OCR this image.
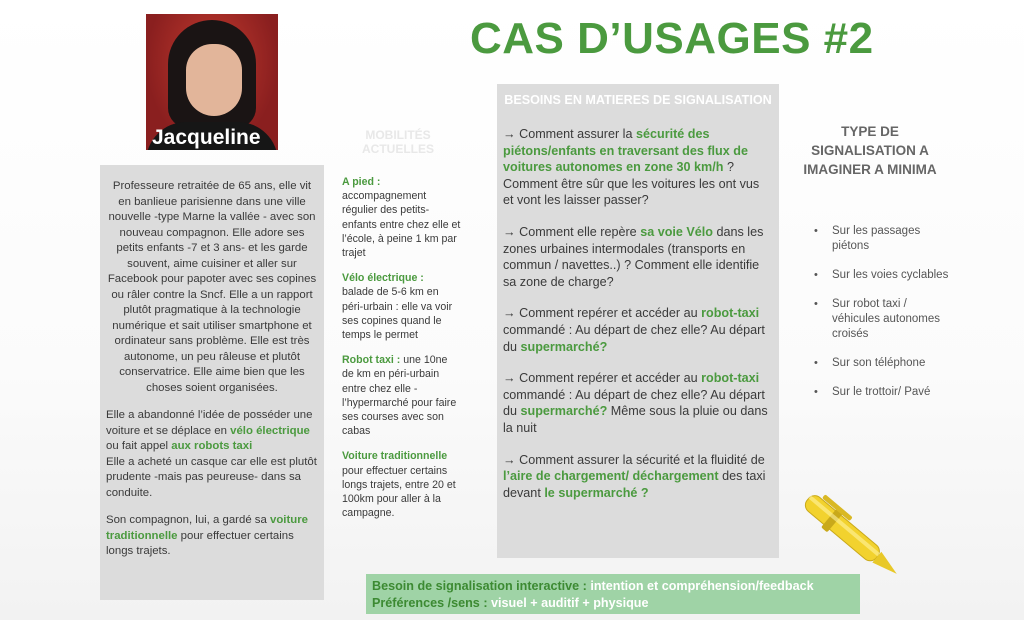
CAS D’USAGES #2
Jacqueline	MOBILITÉS ACTUELLES

Professeure retraitée de 65 ans, elle vit en banlieue parisienne dans une ville nouvelle -type Marne la vallée - avec son nouveau compagnon. Elle adore ses petits enfants -7 et 3 ans- et les garde souvent, aime cuisiner et aller sur Facebook pour papoter avec ses copines ou râler contre la Sncf. Elle a un rapport plutôt pragmatique à la technologie numérique et sait utiliser smartphone et ordinateur sans problème. Elle est très autonome, un peu râleuse et plutôt conservatrice. Elle aime bien que les choses soient organisées.

Elle a abandonné l’idée de posséder une voiture et se déplace en vélo électrique ou fait appel aux robots taxi
Elle a acheté un casque car elle est plutôt prudente -mais pas peureuse- dans sa conduite.

Son compagnon, lui, a gardé sa voiture traditionnelle pour effectuer certains longs trajets.

A pied :
accompagnement régulier des petits-enfants entre chez elle et l’école, à peine 1 km par trajet

Vélo électrique :
balade de 5-6 km en péri-urbain : elle va voir ses copines quand le temps le permet

Robot taxi : une 10ne de km en péri-urbain entre chez elle - l’hypermarché pour faire ses courses avec son cabas

Voiture traditionnelle
pour effectuer certains longs trajets, entre 20 et 100km pour aller à la campagne.

BESOINS EN MATIERES DE SIGNALISATION

→ Comment assurer la sécurité des piétons/enfants en traversant des flux de voitures autonomes en zone 30 km/h ? Comment être sûr que les voitures les ont vus et vont les laisser passer?

→ Comment elle repère sa voie Vélo dans les zones urbaines intermodales (transports en commun / navettes..) ? Comment elle identifie sa zone de charge?

→ Comment repérer et accéder au robot-taxi commandé : Au départ de chez elle? Au départ du supermarché?

→ Comment repérer et accéder au robot-taxi commandé : Au départ de chez elle? Au départ du supermarché? Même sous la pluie ou dans la nuit

→ Comment assurer la sécurité et la fluidité de l’aire de chargement/ déchargement des taxi devant le supermarché ?

TYPE DE SIGNALISATION A IMAGINER A MINIMA
• Sur les passages piétons
• Sur les voies cyclables
• Sur robot taxi / véhicules autonomes croisés
• Sur son téléphone
• Sur le trottoir/ Pavé
Besoin de signalisation interactive : intention et compréhension/feedback
Préférences /sens : visuel + auditif + physique
